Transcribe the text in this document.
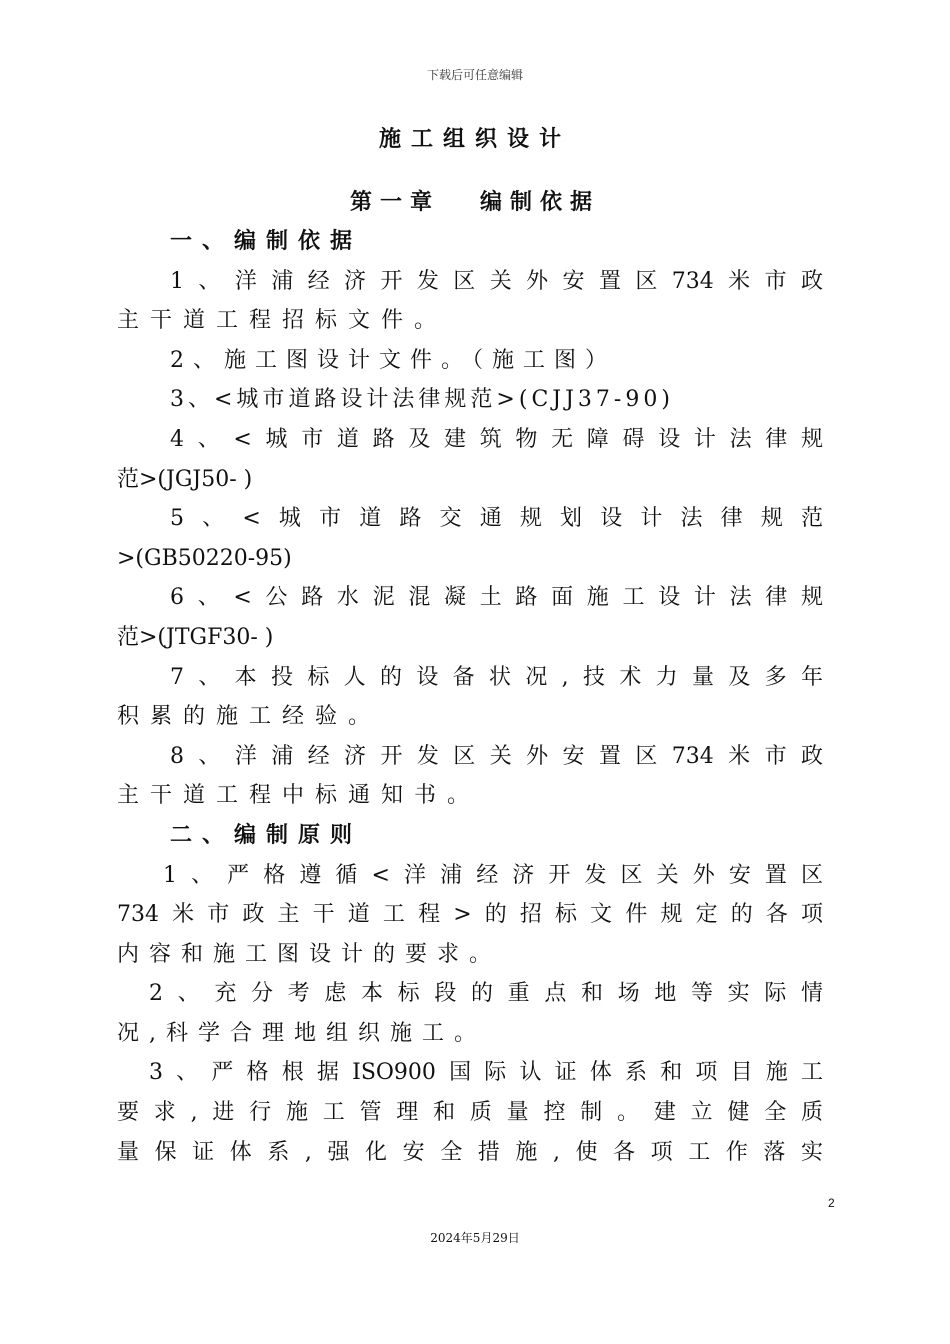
下载后可任意编辑
施工组织设计
第一章 编制依据
一、编制依据
1、洋浦经济开发区关外安置区734米市政
主干道工程招标文件。
2、施工图设计文件。（施工图）
3、<城市道路设计法律规范>(CJJ37-90)
4、<城市道路及建筑物无障碍设计法律规
范>(JGJ50- )
5、<城市道路交通规划设计法律规范
>(GB50220-95)
6、<公路水泥混凝土路面施工设计法律规
范>(JTGF30- )
7、本投标人的设备状况,技术力量及多年
积累的施工经验。
8、洋浦经济开发区关外安置区734米市政
主干道工程中标通知书。
二、编制原则
1、严格遵循<洋浦经济开发区关外安置区
734米市政主干道工程>的招标文件规定的各项
内容和施工图设计的要求。
2、充分考虑本标段的重点和场地等实际情
况,科学合理地组织施工。
3、严格根据ISO900国际认证体系和项目施工
要求,进行施工管理和质量控制。建立健全质
量保证体系,强化安全措施,使各项工作落实
2
2024年5月29日
